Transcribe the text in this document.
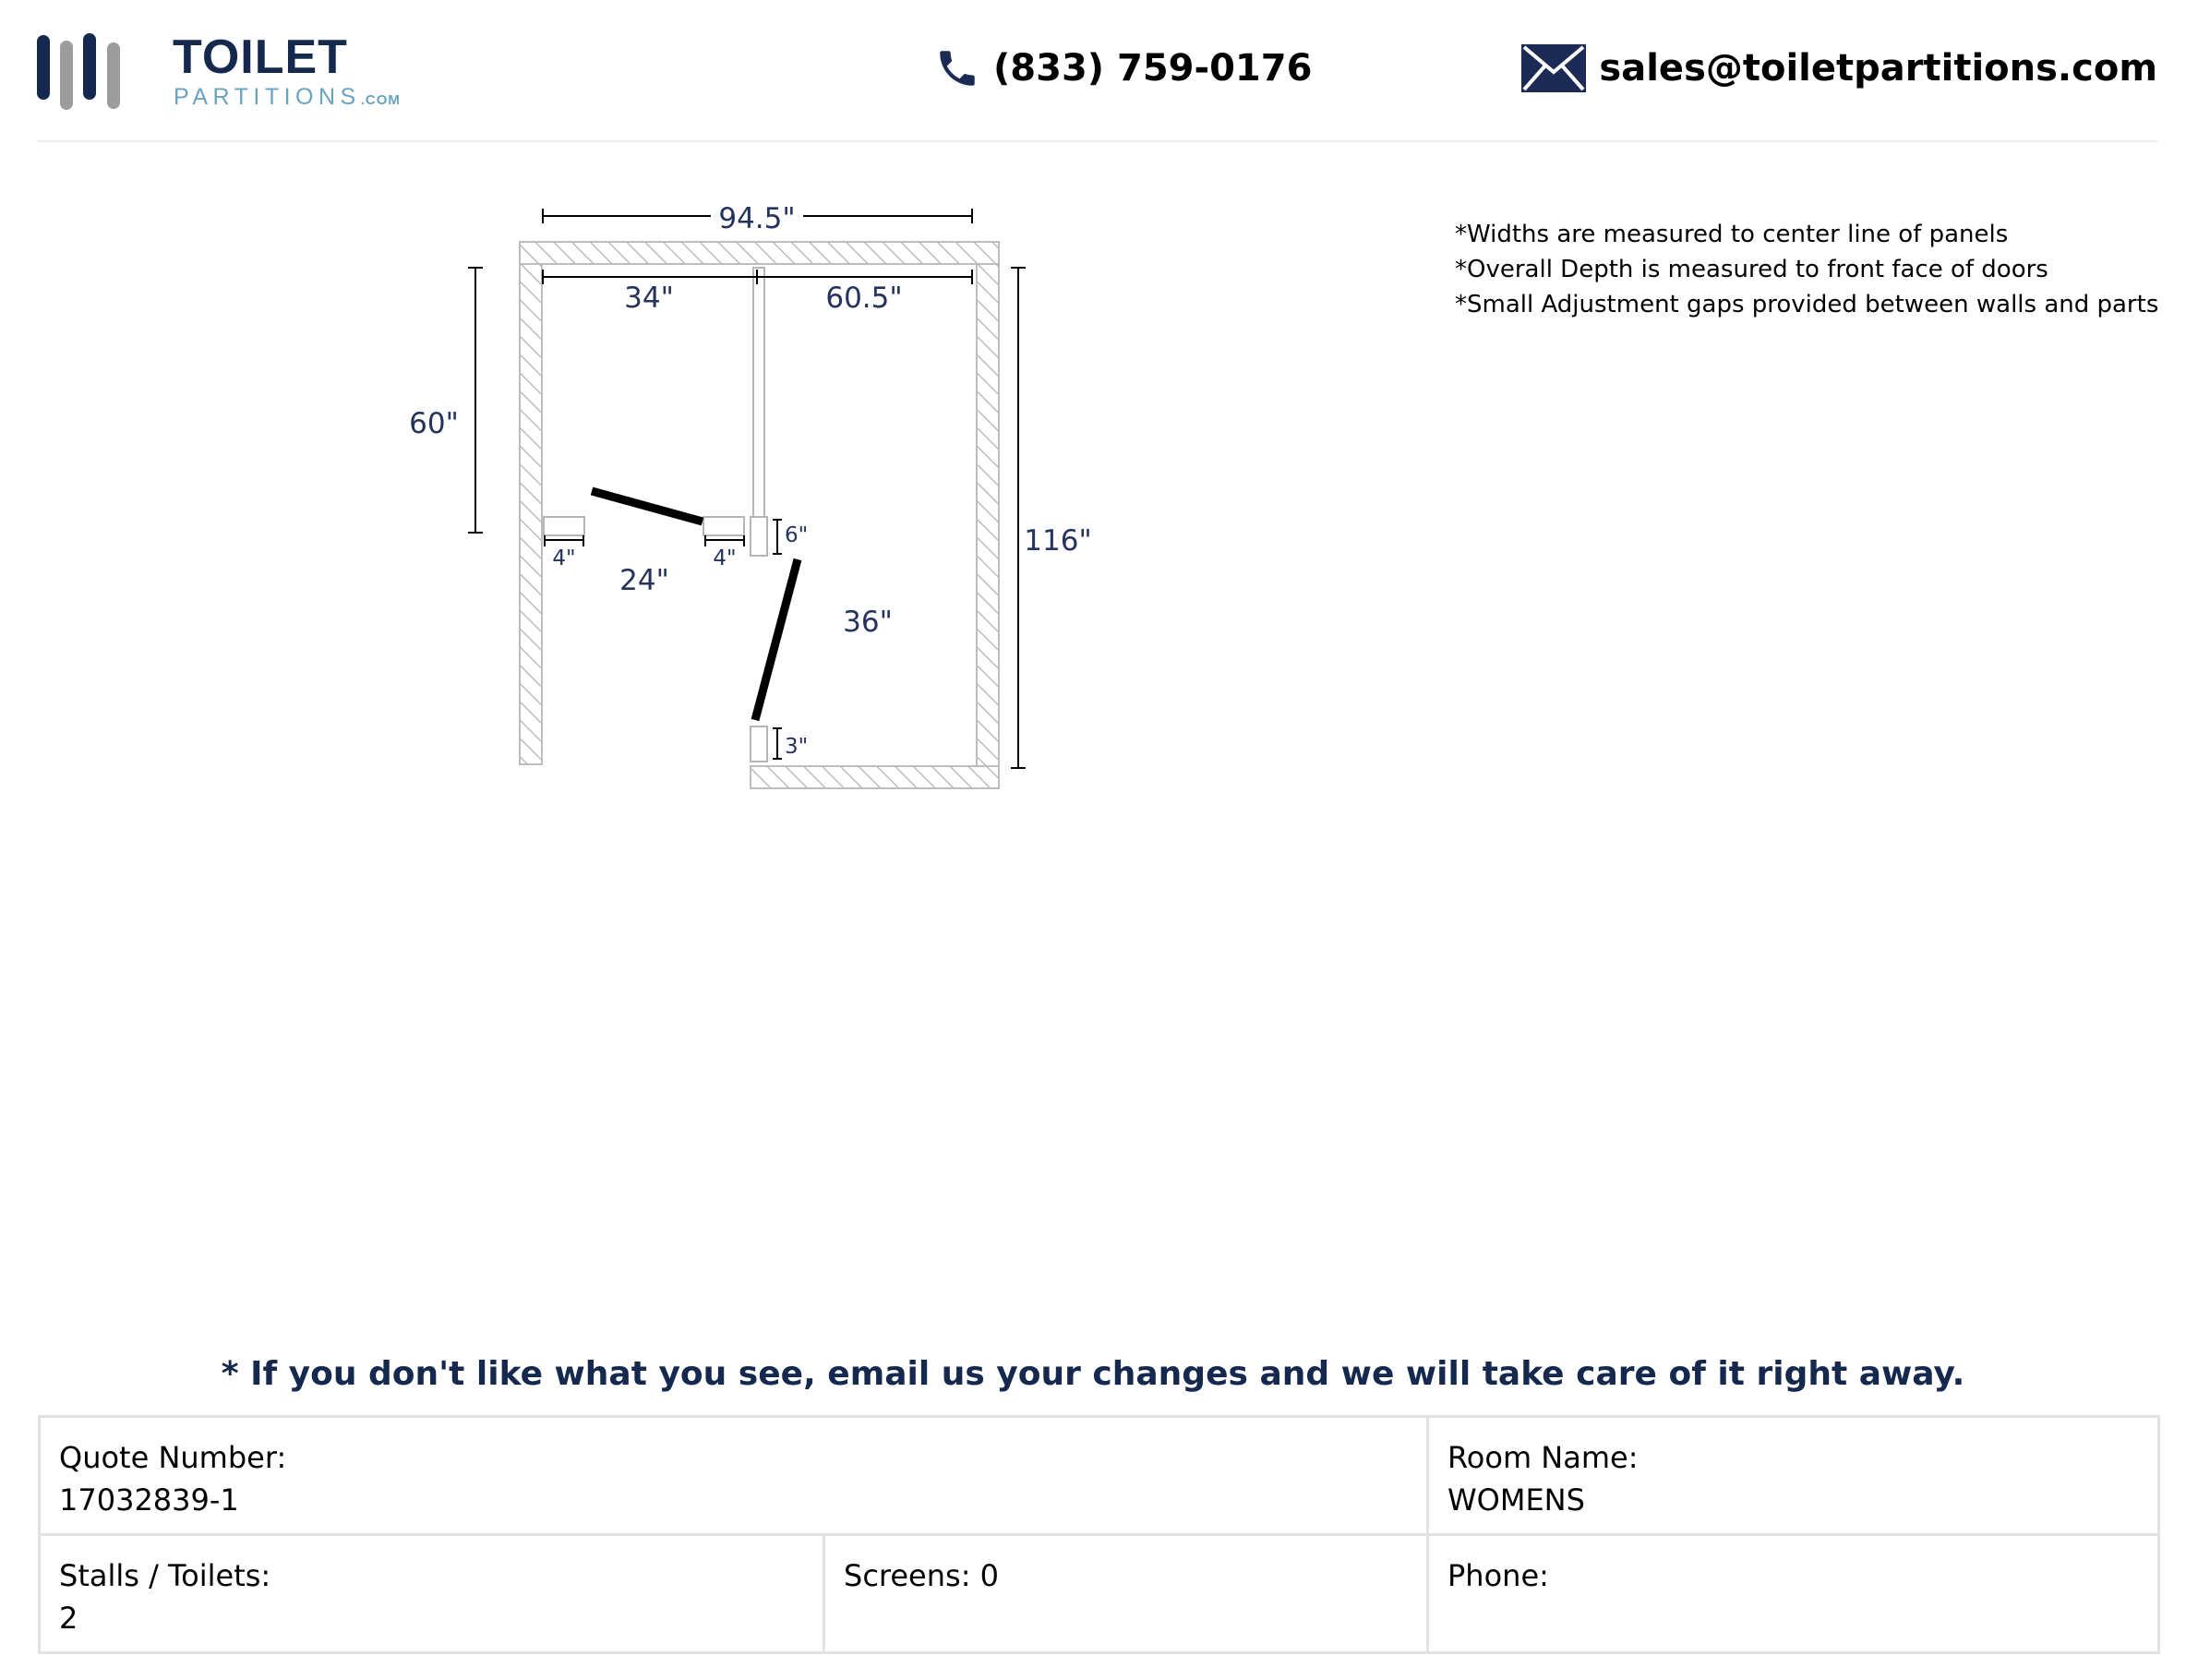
TOILET
PARTITIONS.COM
(833) 759-0176	sales@toiletpartitions.com
94.5"
34"	60.5"
60"
116"
4"	4"
24"
36"
6"
3"
*Widths are measured to center line of panels
*Overall Depth is measured to front face of doors
*Small Adjustment gaps provided between walls and parts
* If you don't like what you see, email us your changes and we will take care of it right away.
Quote Number:
17032839-1		Room Name:
WOMENS

Stalls / Toilets:
2	Screens: 0	Phone:
